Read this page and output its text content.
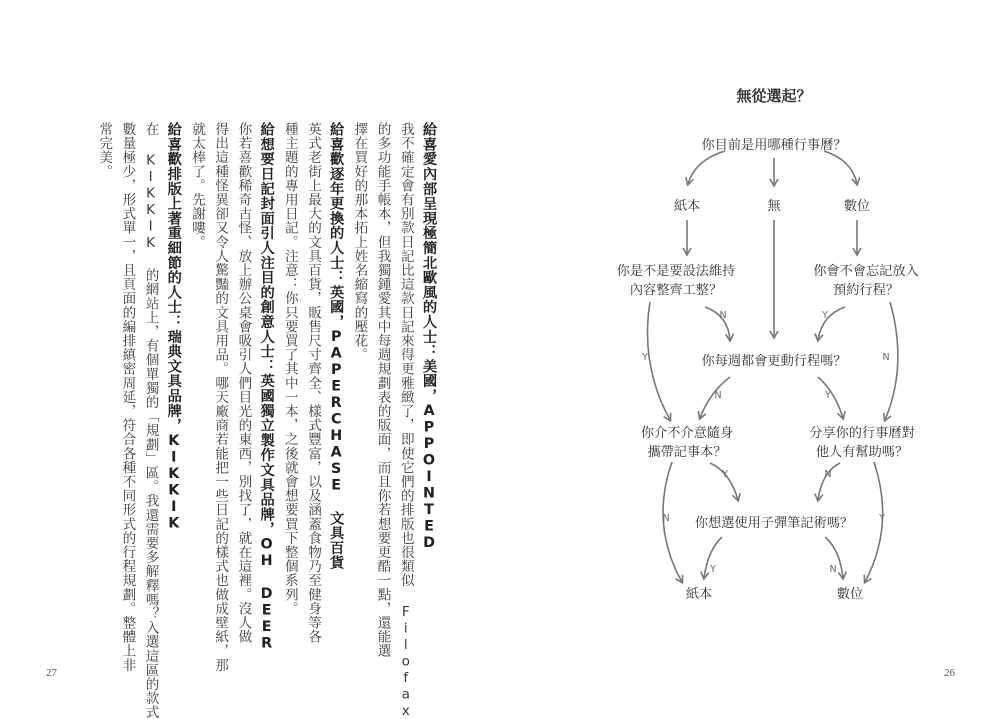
給喜愛內部呈現極簡北歐風的人士：美國，APPOINTED
我不確定會有別款日記比這款日記來得更雅緻了，即使它們的排版也很類似 Filofax
的多功能手帳本，但我獨鍾愛其中每週規劃表的版面，而且你若想要更酷一點，還能選
擇在買好的那本拓上姓名縮寫的壓花。
給喜歡逐年更換的人士：英國，PAPERCHASE 文具百貨
英式老街上最大的文具百貨，販售尺寸齊全、樣式豐富，以及涵蓋食物乃至健身等各
種主題的專用日記。注意：你只要買了其中一本，之後就會想要買下整個系列。
給想要日記封面引人注目的創意人士：英國獨立製作文具品牌，OH DEER
你若喜歡稀奇古怪、放上辦公桌會吸引人們目光的東西，別找了，就在這裡。沒人做
得出這種怪異卻又令人驚豔的文具用品。哪天廠商若能把一些日記的樣式也做成壁紙，那
就太棒了。先謝嘍。
給喜歡排版上著重細節的人士：瑞典文具品牌，KIKKIK
在 KIKKIK 的網站上，有個單獨的「規劃」區。我還需要多解釋嗎？入選這區的款式
數量極少，形式單一，且頁面的編排縝密周延，符合各種不同形式的行程規劃。整體上非
常完美。
27
N	Y
Y	N
N	Y
Y	N
N	Y
Y	N
無從選起？
你目前是用哪種行事曆？
紙本	無	數位
你是不是要設法維持
內容整齊工整？
你會不會忘記放入
預約行程？
你每週都會更動行程嗎？
你介不介意隨身
攜帶記事本？
分享你的行事曆對
他人有幫助嗎？
你想選使用子彈筆記術嗎？
紙本	數位
26
